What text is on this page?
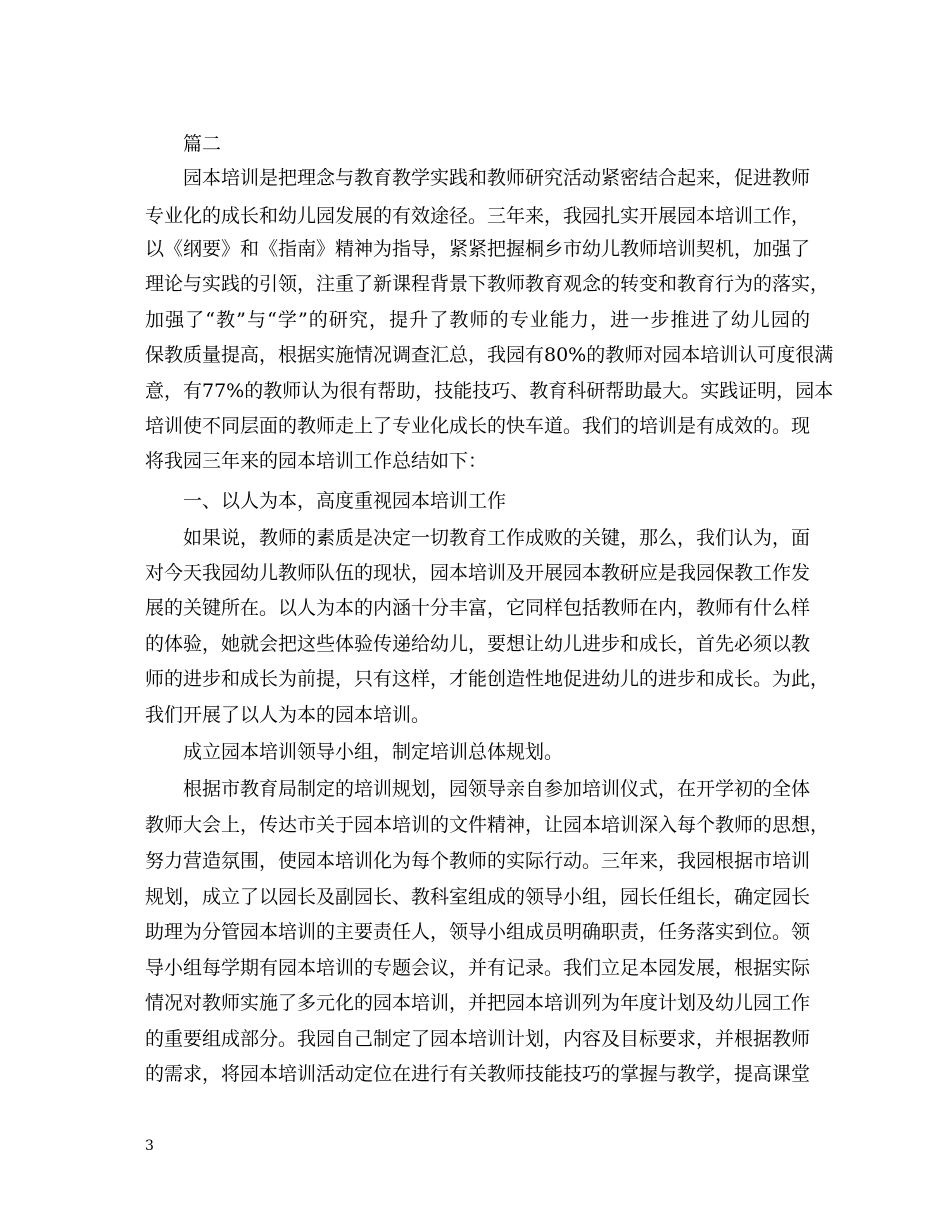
篇二
园本培训是把理念与教育教学实践和教师研究活动紧密结合起来，促进教师
专业化的成长和幼儿园发展的有效途径。三年来，我园扎实开展园本培训工作，
以《纲要》和《指南》精神为指导，紧紧把握桐乡市幼儿教师培训契机，加强了
理论与实践的引领，注重了新课程背景下教师教育观念的转变和教育行为的落实，
加强了“教”与“学”的研究，提升了教师的专业能力，进一步推进了幼儿园的
保教质量提高，根据实施情况调查汇总，我园有80%的教师对园本培训认可度很满
意，有77%的教师认为很有帮助，技能技巧、教育科研帮助最大。实践证明，园本
培训使不同层面的教师走上了专业化成长的快车道。我们的培训是有成效的。现
将我园三年来的园本培训工作总结如下：
一、以人为本，高度重视园本培训工作
如果说，教师的素质是决定一切教育工作成败的关键，那么，我们认为，面
对今天我园幼儿教师队伍的现状，园本培训及开展园本教研应是我园保教工作发
展的关键所在。以人为本的内涵十分丰富，它同样包括教师在内，教师有什么样
的体验，她就会把这些体验传递给幼儿，要想让幼儿进步和成长，首先必须以教
师的进步和成长为前提，只有这样，才能创造性地促进幼儿的进步和成长。为此，
我们开展了以人为本的园本培训。
成立园本培训领导小组，制定培训总体规划。
根据市教育局制定的培训规划，园领导亲自参加培训仪式，在开学初的全体
教师大会上，传达市关于园本培训的文件精神，让园本培训深入每个教师的思想，
努力营造氛围，使园本培训化为每个教师的实际行动。三年来，我园根据市培训
规划，成立了以园长及副园长、教科室组成的领导小组，园长任组长，确定园长
助理为分管园本培训的主要责任人，领导小组成员明确职责，任务落实到位。领
导小组每学期有园本培训的专题会议，并有记录。我们立足本园发展，根据实际
情况对教师实施了多元化的园本培训，并把园本培训列为年度计划及幼儿园工作
的重要组成部分。我园自己制定了园本培训计划，内容及目标要求，并根据教师
的需求，将园本培训活动定位在进行有关教师技能技巧的掌握与教学，提高课堂
3
